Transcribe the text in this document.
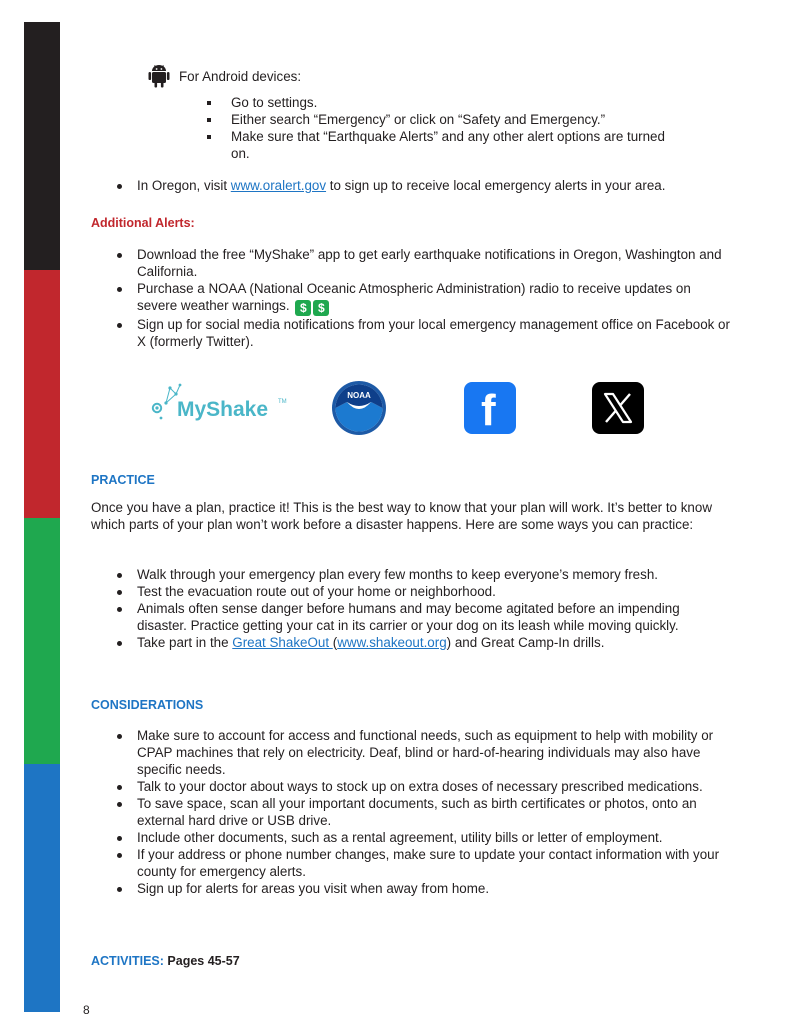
For Android devices:
Go to settings.
Either search “Emergency” or click on “Safety and Emergency.”
Make sure that “Earthquake Alerts” and any other alert options are turned on.
In Oregon, visit www.oralert.gov to sign up to receive local emergency alerts in your area.
Additional Alerts:
Download the free “MyShake” app to get early earthquake notifications in Oregon, Washington and California.
Purchase a NOAA (National Oceanic Atmospheric Administration) radio to receive updates on severe weather warnings. $ $
Sign up for social media notifications from your local emergency management office on Facebook or X (formerly Twitter).
MyShake TM
NOAA	f
PRACTICE
Once you have a plan, practice it! This is the best way to know that your plan will work. It’s better to know which parts of your plan won’t work before a disaster happens. Here are some ways you can practice:
Walk through your emergency plan every few months to keep everyone’s memory fresh.
Test the evacuation route out of your home or neighborhood.
Animals often sense danger before humans and may become agitated before an impending disaster. Practice getting your cat in its carrier or your dog on its leash while moving quickly.
Take part in the Great ShakeOut (www.shakeout.org) and Great Camp-In drills.
CONSIDERATIONS
Make sure to account for access and functional needs, such as equipment to help with mobility or CPAP machines that rely on electricity. Deaf, blind or hard-of-hearing individuals may also have specific needs.
Talk to your doctor about ways to stock up on extra doses of necessary prescribed medications.
To save space, scan all your important documents, such as birth certificates or photos, onto an external hard drive or USB drive.
Include other documents, such as a rental agreement, utility bills or letter of employment.
If your address or phone number changes, make sure to update your contact information with your county for emergency alerts.
Sign up for alerts for areas you visit when away from home.
ACTIVITIES: Pages 45-57
8
